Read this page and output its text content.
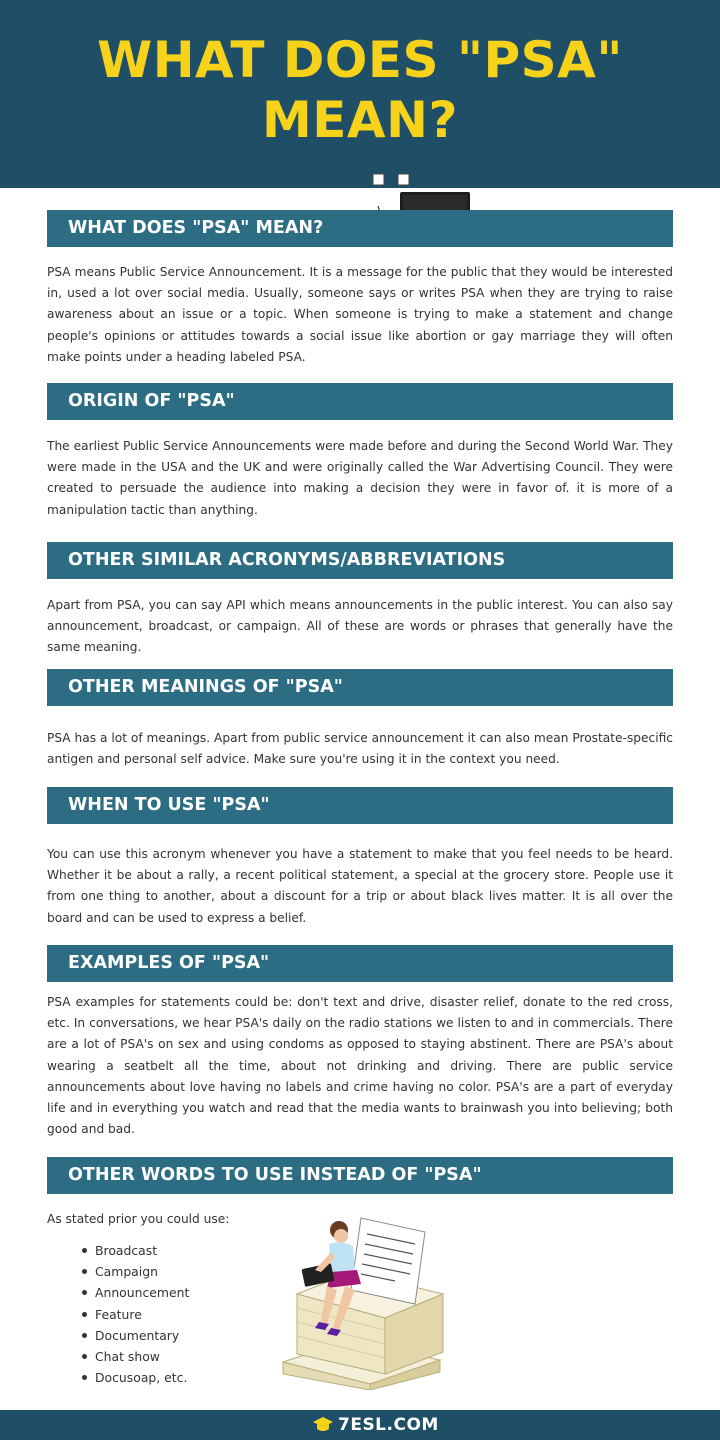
WHAT DOES "PSA"
MEAN?
WHAT DOES "PSA" MEAN?
PSA means Public Service Announcement. It is a message for the public that they would be interested in, used a lot over social media. Usually, someone says or writes PSA when they are trying to raise awareness about an issue or a topic. When someone is trying to make a statement and change people's opinions or attitudes towards a social issue like abortion or gay marriage they will often make points under a heading labeled PSA.
ORIGIN OF "PSA"
The earliest Public Service Announcements were made before and during the Second World War. They were made in the USA and the UK and were originally called the War Advertising Council. They were created to persuade the audience into making a decision they were in favor of. it is more of a manipulation tactic than anything.
OTHER SIMILAR ACRONYMS/ABBREVIATIONS
Apart from PSA, you can say API which means announcements in the public interest. You can also say announcement, broadcast, or campaign. All of these are words or phrases that generally have the same meaning.
OTHER MEANINGS OF "PSA"
PSA has a lot of meanings. Apart from public service announcement it can also mean Prostate-specific antigen and personal self advice. Make sure you're using it in the context you need.
WHEN TO USE "PSA"
You can use this acronym whenever you have a statement to make that you feel needs to be heard. Whether it be about a rally, a recent political statement, a special at the grocery store. People use it from one thing to another, about a discount for a trip or about black lives matter. It is all over the board and can be used to express a belief.
EXAMPLES OF "PSA"
PSA examples for statements could be: don't text and drive, disaster relief, donate to the red cross, etc. In conversations, we hear PSA's daily on the radio stations we listen to and in commercials. There are a lot of PSA's on sex and using condoms as opposed to staying abstinent. There are PSA's about wearing a seatbelt all the time, about not drinking and driving. There are public service announcements about love having no labels and crime having no color. PSA's are a part of everyday life and in everything you watch and read that the media wants to brainwash you into believing; both good and bad.
OTHER WORDS TO USE INSTEAD OF "PSA"
As stated prior you could use:
Broadcast
Campaign
Announcement
Feature
Documentary
Chat show
Docusoap, etc.
7ESL.COM
